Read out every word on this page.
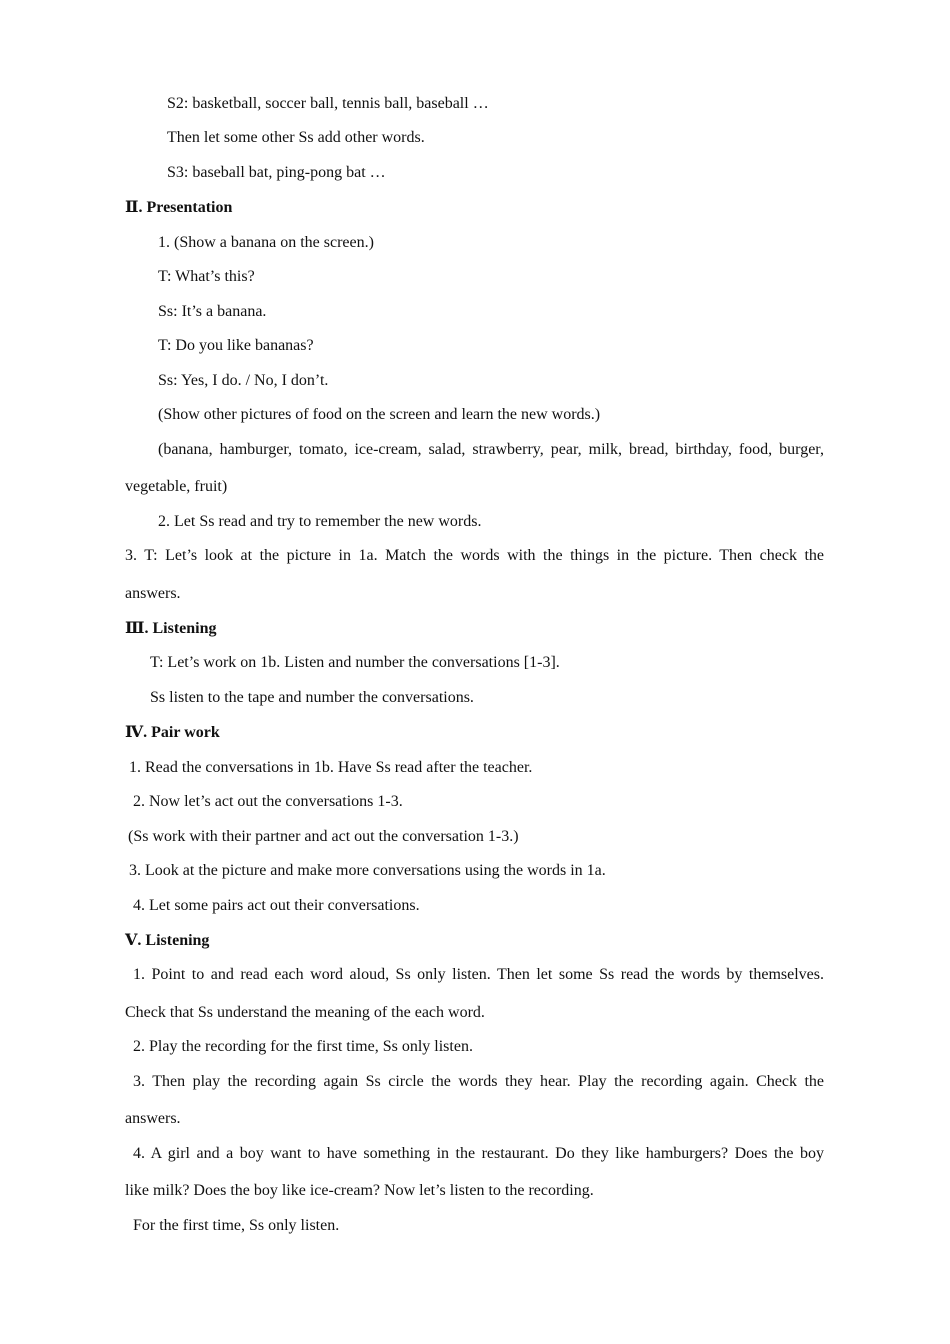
S2: basketball, soccer ball, tennis ball, baseball …
Then let some other Ss add other words.
S3: baseball bat, ping-pong bat …
Ⅱ. Presentation
1. (Show a banana on the screen.)
T: What’s this?
Ss: It’s a banana.
T: Do you like bananas?
Ss: Yes, I do. / No, I don’t.
(Show other pictures of food on the screen and learn the new words.)
(banana, hamburger, tomato, ice-cream, salad, strawberry, pear, milk, bread, birthday, food, burger,
vegetable, fruit)
2. Let Ss read and try to remember the new words.
3. T: Let’s look at the picture in 1a. Match the words with the things in the picture. Then check the
answers.
Ⅲ. Listening
T: Let’s work on 1b. Listen and number the conversations [1-3].
Ss listen to the tape and number the conversations.
Ⅳ. Pair work
1. Read the conversations in 1b. Have Ss read after the teacher.
2. Now let’s act out the conversations 1-3.
(Ss work with their partner and act out the conversation 1-3.)
3. Look at the picture and make more conversations using the words in 1a.
4. Let some pairs act out their conversations.
Ⅴ. Listening
1. Point to and read each word aloud, Ss only listen. Then let some Ss read the words by themselves.
Check that Ss understand the meaning of the each word.
2. Play the recording for the first time, Ss only listen.
3. Then play the recording again Ss circle the words they hear. Play the recording again. Check the
answers.
4. A girl and a boy want to have something in the restaurant. Do they like hamburgers? Does the boy
like milk? Does the boy like ice-cream? Now let’s listen to the recording.
For the first time, Ss only listen.
